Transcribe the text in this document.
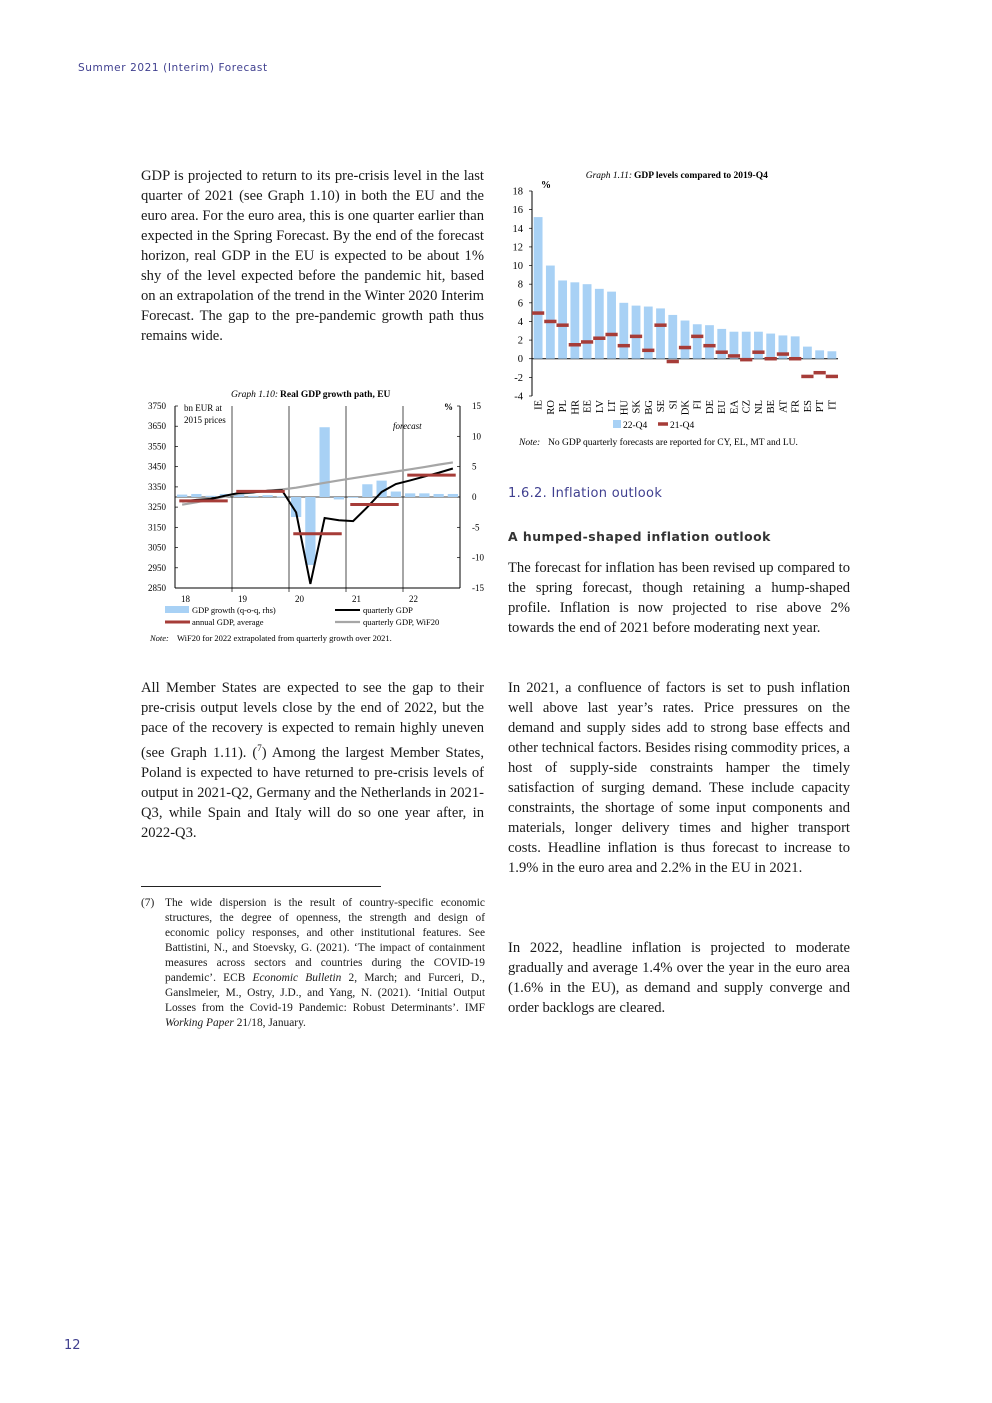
Summer 2021 (Interim) Forecast
GDP is projected to return to its pre-crisis level in the last quarter of 2021 (see Graph 1.10) in both the EU and the euro area. For the euro area, this is one quarter earlier than expected in the Spring Forecast. By the end of the forecast horizon, real GDP in the EU is expected to be about 1% shy of the level expected before the pandemic hit, based on an extrapolation of the trend in the Winter 2020 Interim Forecast. The gap to the pre-pandemic growth path thus remains wide.
Graph 1.10: Real GDP growth path, EU
3750
3650
3550
3450
3350
3250
3150
3050
2950
2850
15
10
5
0
-5
-10
-15
bn EUR at
2015 prices
%
forecast
18	19	20	21	22
GDP growth (q-o-q, rhs)	quarterly GDP
annual GDP, average	quarterly GDP, WiF20
Note: WiF20 for 2022 extrapolated from quarterly growth over 2021.
All Member States are expected to see the gap to their pre-crisis output levels close by the end of 2022, but the pace of the recovery is expected to remain highly uneven (see Graph 1.11). ($^7$) Among the largest Member States, Poland is expected to have returned to pre-crisis levels of output in 2021-Q2, Germany and the Netherlands in 2021-Q3, while Spain and Italy will do so one year after, in 2022-Q3.
(7) The wide dispersion is the result of country-specific economic structures, the degree of openness, the strength and design of economic policy responses, and other institutional features. See Battistini, N., and Stoevsky, G. (2021). ‘The impact of containment measures across sectors and countries during the COVID-19 pandemic’. ECB Economic Bulletin 2, March; and Furceri, D., Ganslmeier, M., Ostry, J.D., and Yang, N. (2021). ‘Initial Output Losses from the Covid-19 Pandemic: Robust Determinants’. IMF Working Paper 21/18, January.
Graph 1.11: GDP levels compared to 2019-Q4
18
16
14
12
10
8
6
4
2
0
-2
-4
%
IE RO PL HR EE LV LT HU SK BG SE SI DK FI DE EU EA CZ NL BE AT FR ES PT IT
22-Q4 21-Q4
Note: No GDP quarterly forecasts are reported for CY, EL, MT and LU.
1.6.2. Inflation outlook
A humped-shaped inflation outlook
The forecast for inflation has been revised up compared to the spring forecast, though retaining a hump-shaped profile. Inflation is now projected to rise above 2% towards the end of 2021 before moderating next year.
In 2021, a confluence of factors is set to push inflation well above last year’s rates. Price pressures on the demand and supply sides add to strong base effects and other technical factors. Besides rising commodity prices, a host of supply-side constraints hamper the timely satisfaction of surging demand. These include capacity constraints, the shortage of some input components and materials, longer delivery times and higher transport costs. Headline inflation is thus forecast to increase to 1.9% in the euro area and 2.2% in the EU in 2021.
In 2022, headline inflation is projected to moderate gradually and average 1.4% over the year in the euro area (1.6% in the EU), as demand and supply converge and order backlogs are cleared.
12
